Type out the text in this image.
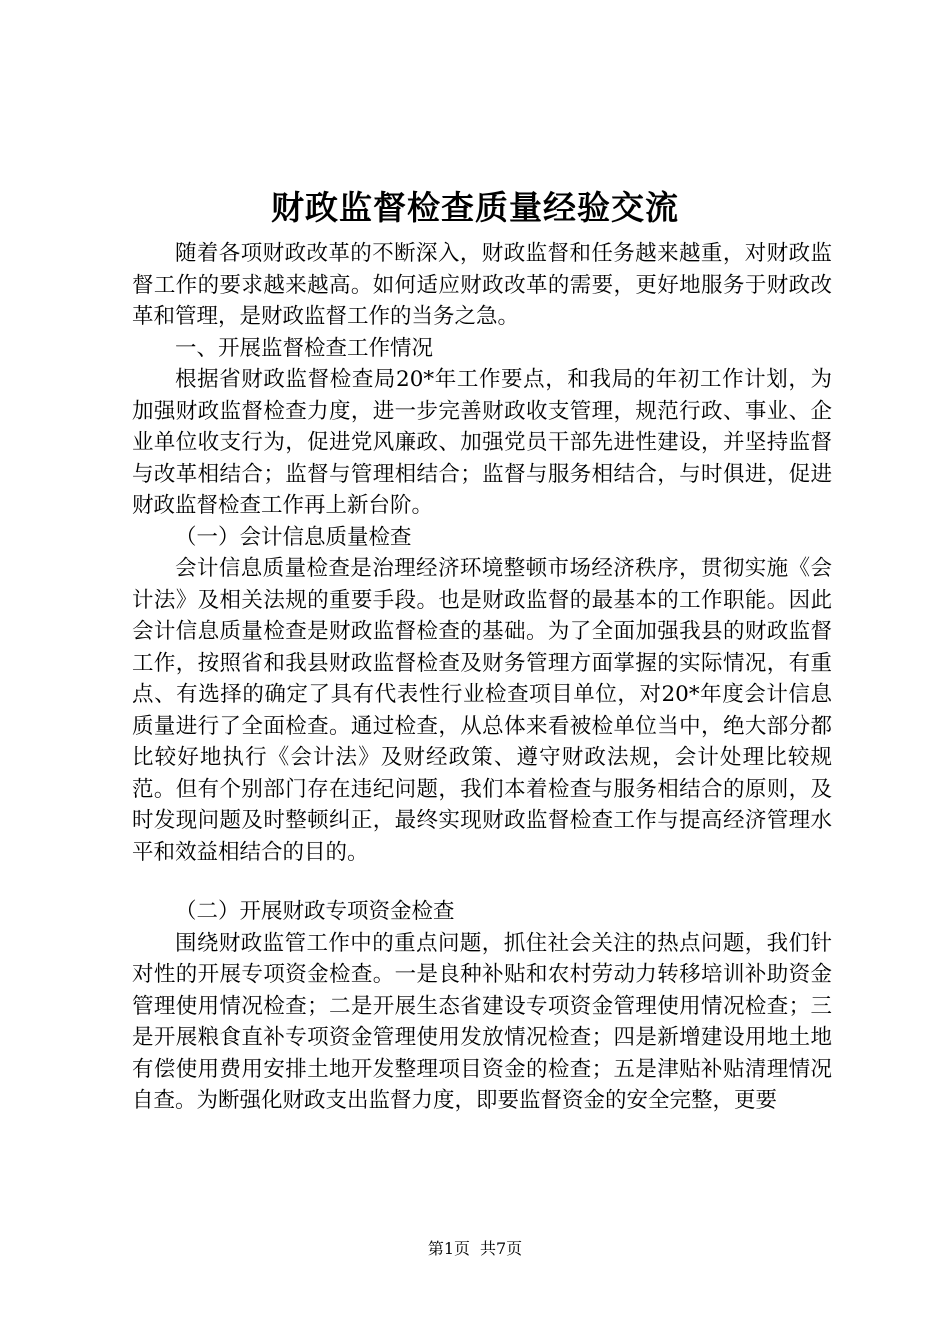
财政监督检查质量经验交流

随着各项财政改革的不断深入，财政监督和任务越来越重，对财政监督工作的要求越来越高。如何适应财政改革的需要，更好地服务于财政改革和管理，是财政监督工作的当务之急。

一、开展监督检查工作情况

根据省财政监督检查局20*年工作要点，和我局的年初工作计划，为加强财政监督检查力度，进一步完善财政收支管理，规范行政、事业、企业单位收支行为，促进党风廉政、加强党员干部先进性建设，并坚持监督与改革相结合；监督与管理相结合；监督与服务相结合，与时俱进，促进财政监督检查工作再上新台阶。

（一）会计信息质量检查

会计信息质量检查是治理经济环境整顿市场经济秩序，贯彻实施《会计法》及相关法规的重要手段。也是财政监督的最基本的工作职能。因此会计信息质量检查是财政监督检查的基础。为了全面加强我县的财政监督工作，按照省和我县财政监督检查及财务管理方面掌握的实际情况，有重点、有选择的确定了具有代表性行业检查项目单位，对20*年度会计信息质量进行了全面检查。通过检查，从总体来看被检单位当中，绝大部分都比较好地执行《会计法》及财经政策、遵守财政法规，会计处理比较规范。但有个别部门存在违纪问题，我们本着检查与服务相结合的原则，及时发现问题及时整顿纠正，最终实现财政监督检查工作与提高经济管理水平和效益相结合的目的。

（二）开展财政专项资金检查

围绕财政监管工作中的重点问题，抓住社会关注的热点问题，我们针对性的开展专项资金检查。一是良种补贴和农村劳动力转移培训补助资金管理使用情况检查；二是开展生态省建设专项资金管理使用情况检查；三是开展粮食直补专项资金管理使用发放情况检查；四是新增建设用地土地有偿使用费用安排土地开发整理项目资金的检查；五是津贴补贴清理情况自查。为断强化财政支出监督力度，即要监督资金的安全完整，更要

第1页 共7页
